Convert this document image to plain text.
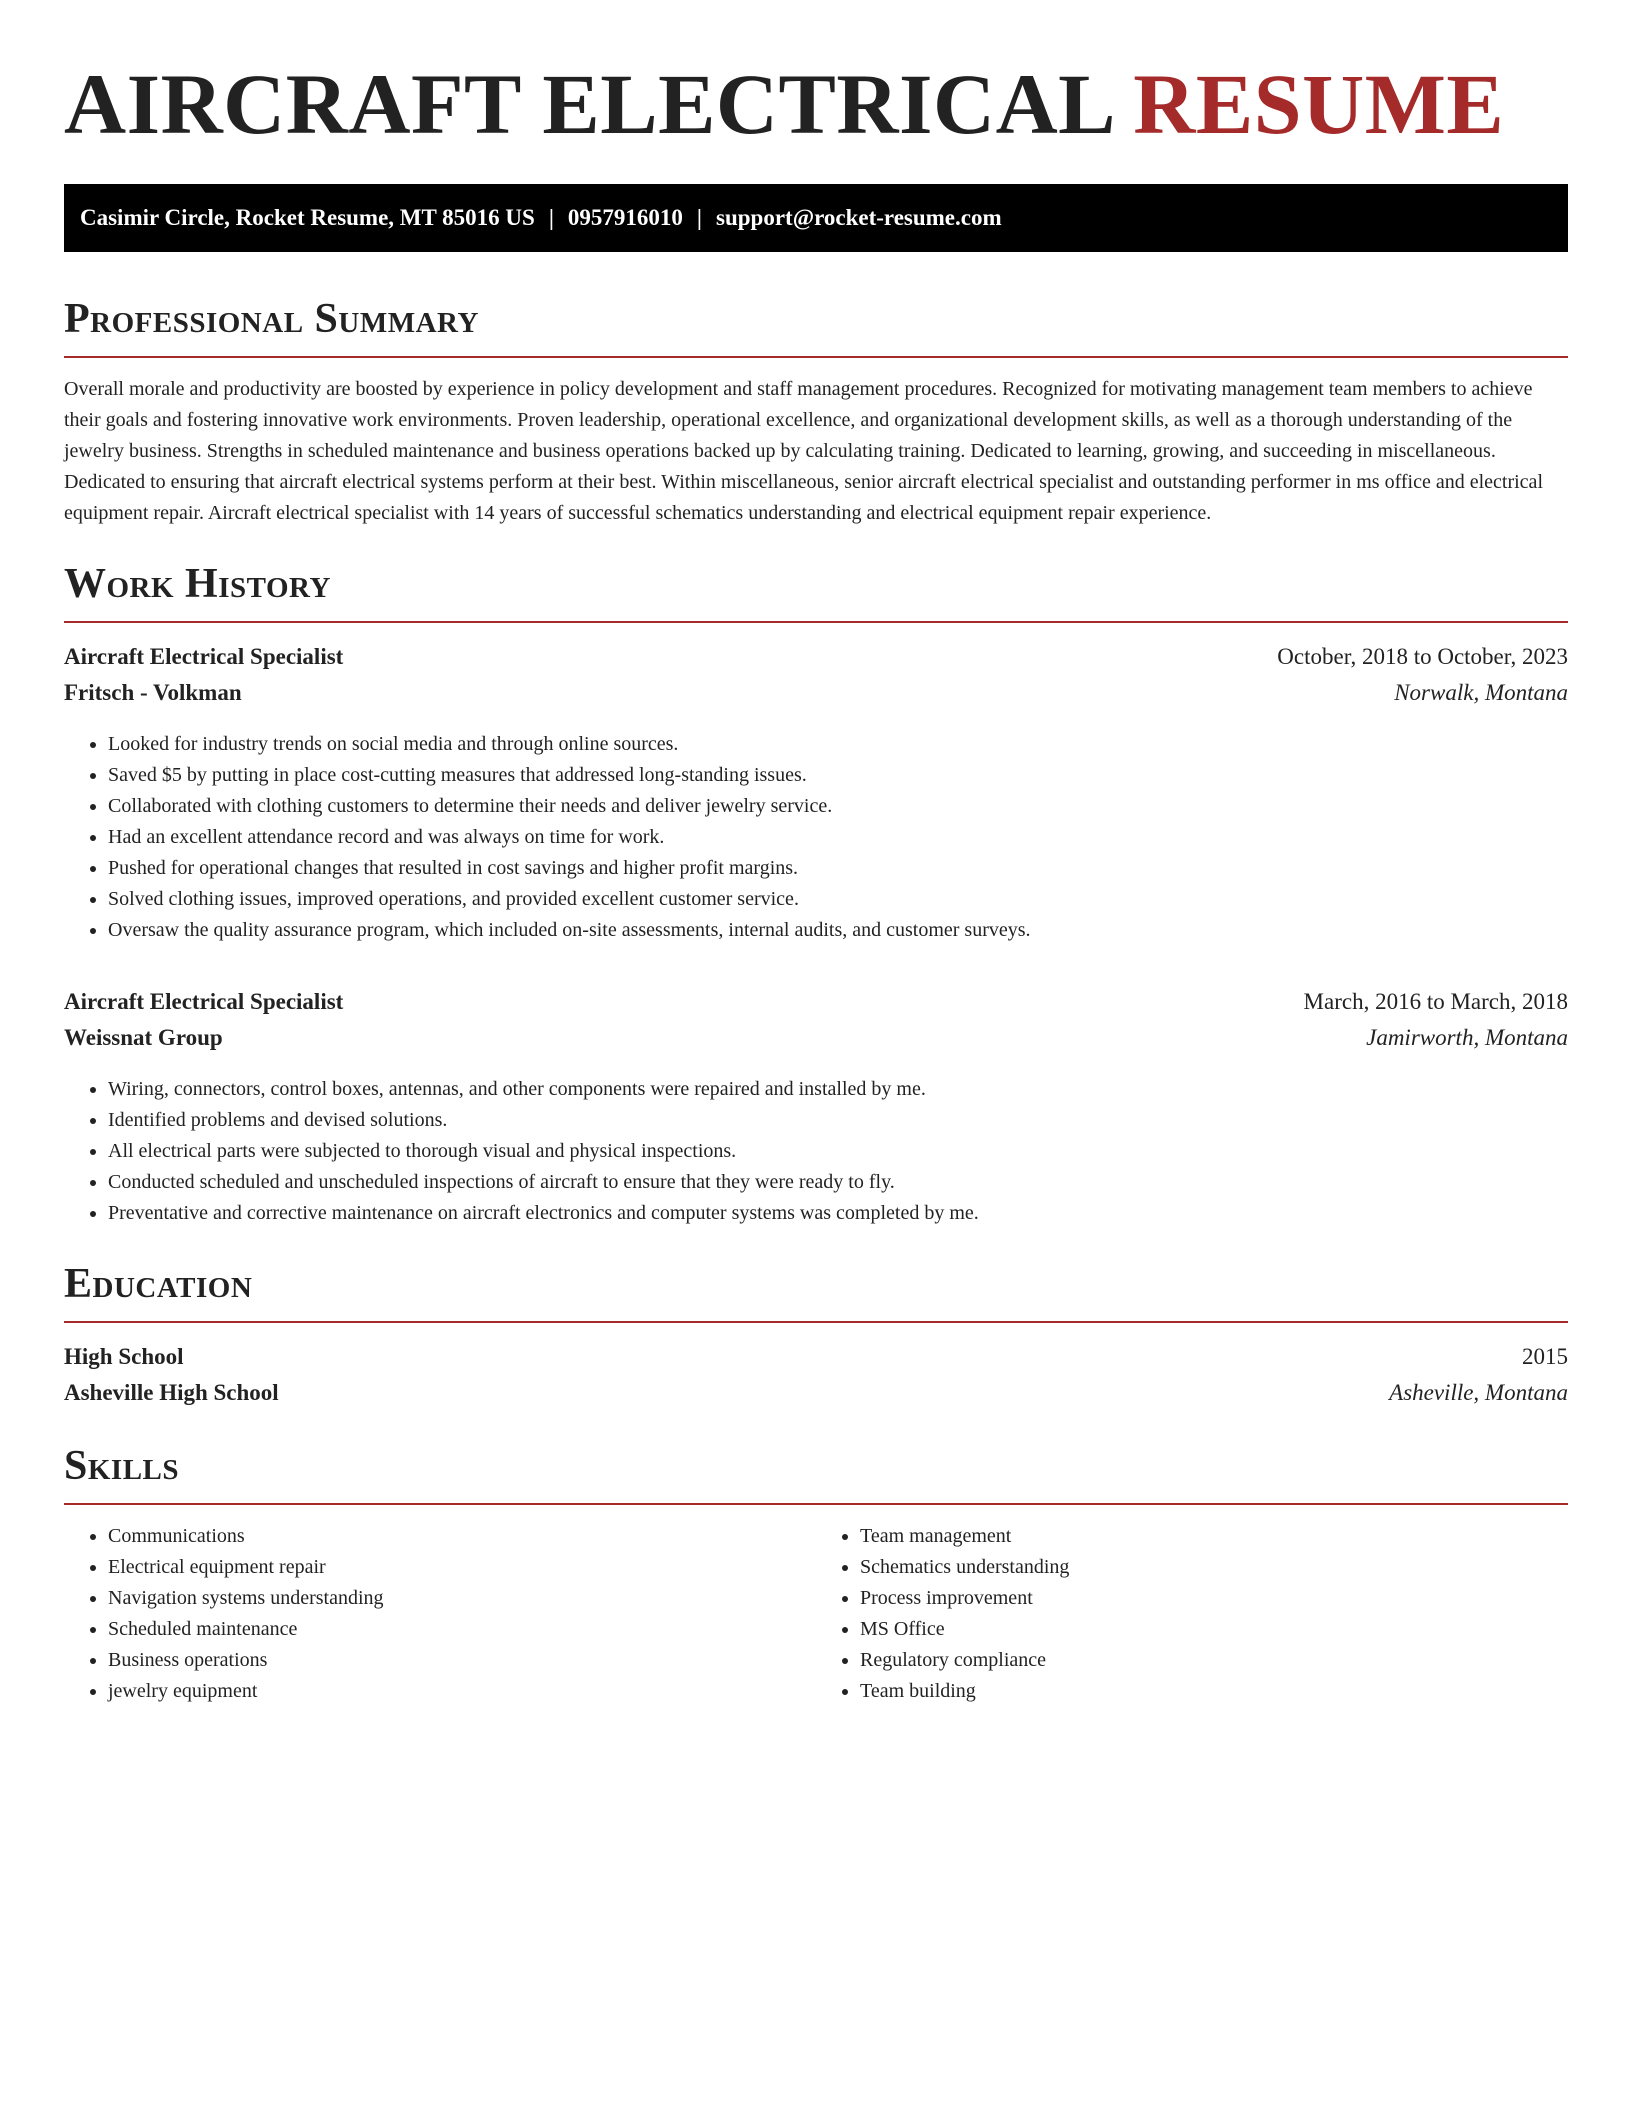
AIRCRAFT ELECTRICAL RESUME
Casimir Circle, Rocket Resume, MT 85016 US | 0957916010 | support@rocket-resume.com
Professional Summary

Overall morale and productivity are boosted by experience in policy development and staff management procedures. Recognized for motivating management team members to achieve their goals and fostering innovative work environments. Proven leadership, operational excellence, and organizational development skills, as well as a thorough understanding of the jewelry business. Strengths in scheduled maintenance and business operations backed up by calculating training. Dedicated to learning, growing, and succeeding in miscellaneous. Dedicated to ensuring that aircraft electrical systems perform at their best. Within miscellaneous, senior aircraft electrical specialist and outstanding performer in ms office and electrical equipment repair. Aircraft electrical specialist with 14 years of successful schematics understanding and electrical equipment repair experience.

Work History
Aircraft Electrical Specialist	October, 2018 to October, 2023
Fritsch - Volkman	Norwalk, Montana
• Looked for industry trends on social media and through online sources.
• Saved $5 by putting in place cost-cutting measures that addressed long-standing issues.
• Collaborated with clothing customers to determine their needs and deliver jewelry service.
• Had an excellent attendance record and was always on time for work.
• Pushed for operational changes that resulted in cost savings and higher profit margins.
• Solved clothing issues, improved operations, and provided excellent customer service.
• Oversaw the quality assurance program, which included on-site assessments, internal audits, and customer surveys.
Aircraft Electrical Specialist	March, 2016 to March, 2018
Weissnat Group	Jamirworth, Montana
• Wiring, connectors, control boxes, antennas, and other components were repaired and installed by me.
• Identified problems and devised solutions.
• All electrical parts were subjected to thorough visual and physical inspections.
• Conducted scheduled and unscheduled inspections of aircraft to ensure that they were ready to fly.
• Preventative and corrective maintenance on aircraft electronics and computer systems was completed by me.
Education
High School	2015
Asheville High School	Asheville, Montana
Skills
• Communications
• Electrical equipment repair
• Navigation systems understanding
• Scheduled maintenance
• Business operations
• jewelry equipment
• Team management
• Schematics understanding
• Process improvement
• MS Office
• Regulatory compliance
• Team building
